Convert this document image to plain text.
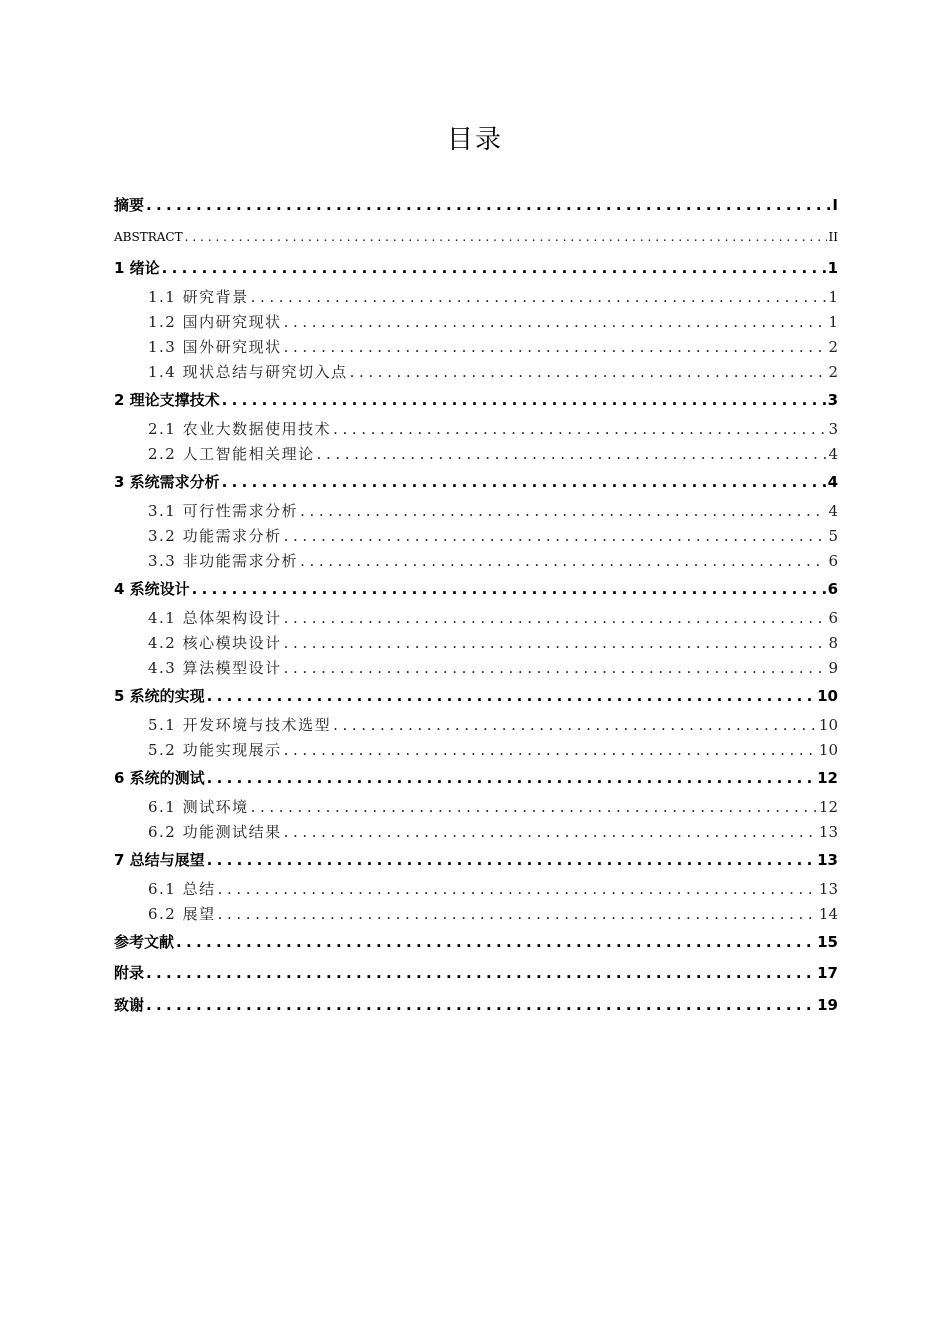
目录
摘要 .....	I
ABSTRACT .....	II
1 绪论 .....	1
1.1 研究背景 .....	1
1.2 国内研究现状 .....	1
1.3 国外研究现状 .....	2
1.4 现状总结与研究切入点 .....	2
2 理论支撑技术 .....	3
2.1 农业大数据使用技术 .....	3
2.2 人工智能相关理论 .....	4
3 系统需求分析 .....	4
3.1 可行性需求分析 .....	4
3.2 功能需求分析 .....	5
3.3 非功能需求分析 .....	6
4 系统设计 .....	6
4.1 总体架构设计 .....	6
4.2 核心模块设计 .....	8
4.3 算法模型设计 .....	9
5 系统的实现 .....	10
5.1 开发环境与技术选型 .....	10
5.2 功能实现展示 .....	10
6 系统的测试 .....	12
6.1 测试环境 .....	12
6.2 功能测试结果 .....	13
7 总结与展望 .....	13
6.1 总结 .....	13
6.2 展望 .....	14
参考文献 .....	15
附录 .....	17
致谢 .....	19
